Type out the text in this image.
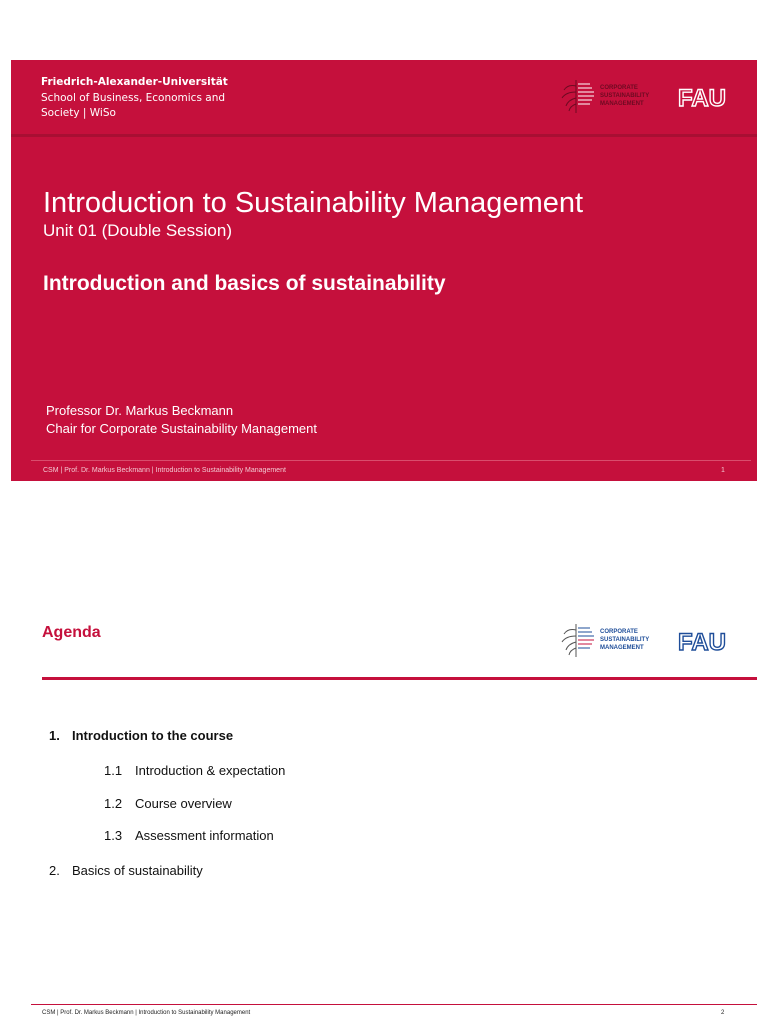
Friedrich-Alexander-Universität
School of Business, Economics and
Society | WiSo
CORPORATE
SUSTAINABILITY
MANAGEMENT FAU
Introduction to Sustainability Management
Unit 01 (Double Session)
Introduction and basics of sustainability
Professor Dr. Markus Beckmann
Chair for Corporate Sustainability Management
CSM | Prof. Dr. Markus Beckmann | Introduction to Sustainability Management	1
Agenda	CORPORATE
SUSTAINABILITY
MANAGEMENT FAU
1. Introduction to the course
1.1 Introduction & expectation
1.2 Course overview
1.3 Assessment information
2. Basics of sustainability
CSM | Prof. Dr. Markus Beckmann | Introduction to Sustainability Management	2
